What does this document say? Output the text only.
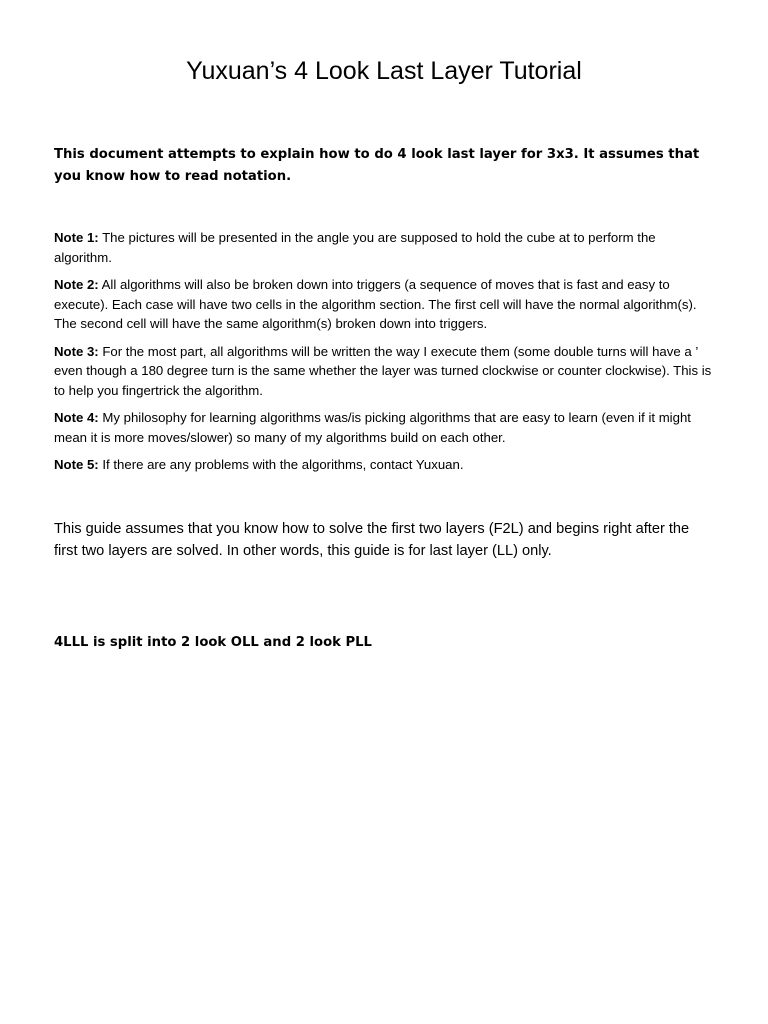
Yuxuan’s 4 Look Last Layer Tutorial

This document attempts to explain how to do 4 look last layer for 3x3. It assumes that you know how to read notation.

Note 1: The pictures will be presented in the angle you are supposed to hold the cube at to perform the algorithm.

Note 2: All algorithms will also be broken down into triggers (a sequence of moves that is fast and easy to execute). Each case will have two cells in the algorithm section. The first cell will have the normal algorithm(s). The second cell will have the same algorithm(s) broken down into triggers.

Note 3: For the most part, all algorithms will be written the way I execute them (some double turns will have a ’ even though a 180 degree turn is the same whether the layer was turned clockwise or counter clockwise). This is to help you fingertrick the algorithm.

Note 4: My philosophy for learning algorithms was/is picking algorithms that are easy to learn (even if it might mean it is more moves/slower) so many of my algorithms build on each other.

Note 5: If there are any problems with the algorithms, contact Yuxuan.

This guide assumes that you know how to solve the first two layers (F2L) and begins right after the first two layers are solved. In other words, this guide is for last layer (LL) only.

4LLL is split into 2 look OLL and 2 look PLL
